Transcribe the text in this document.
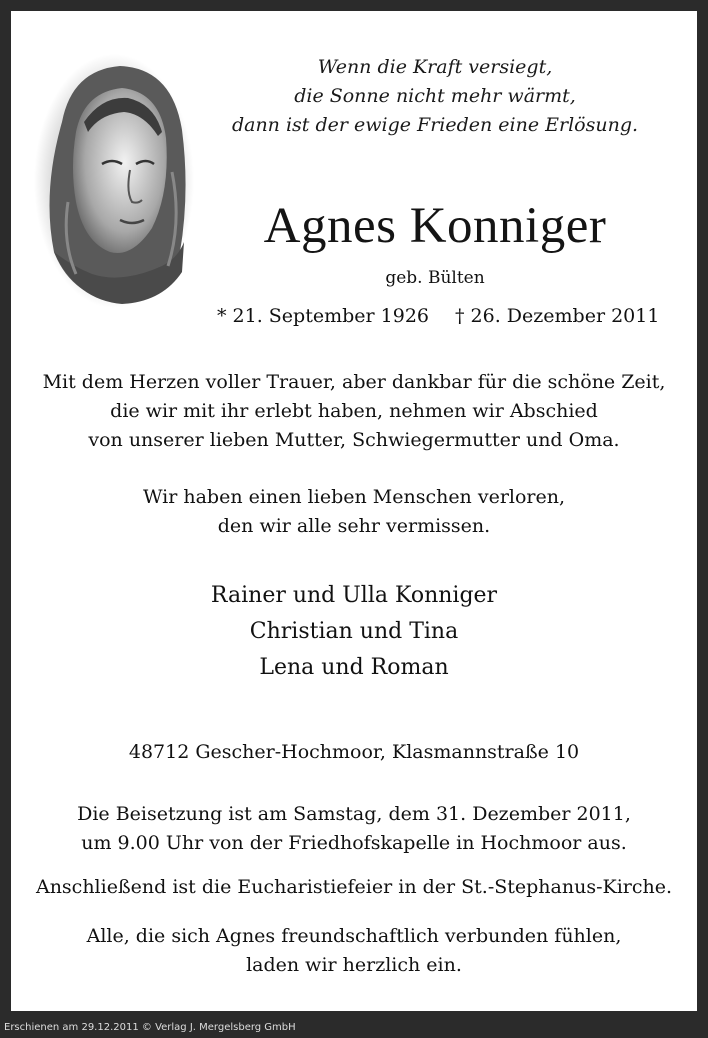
Wenn die Kraft versiegt,
die Sonne nicht mehr wärmt,
dann ist der ewige Frieden eine Erlösung.
Agnes Konniger
geb. Bülten
* 21. September 1926 † 26. Dezember 2011
Mit dem Herzen voller Trauer, aber dankbar für die schöne Zeit,
die wir mit ihr erlebt haben, nehmen wir Abschied
von unserer lieben Mutter, Schwiegermutter und Oma.
Wir haben einen lieben Menschen verloren,
den wir alle sehr vermissen.
Rainer und Ulla Konniger
Christian und Tina
Lena und Roman
48712 Gescher-Hochmoor, Klasmannstraße 10
Die Beisetzung ist am Samstag, dem 31. Dezember 2011,
um 9.00 Uhr von der Friedhofskapelle in Hochmoor aus.
Anschließend ist die Eucharistiefeier in der St.-Stephanus-Kirche.
Alle, die sich Agnes freundschaftlich verbunden fühlen,
laden wir herzlich ein.
Erschienen am 29.12.2011 © Verlag J. Mergelsberg GmbH
